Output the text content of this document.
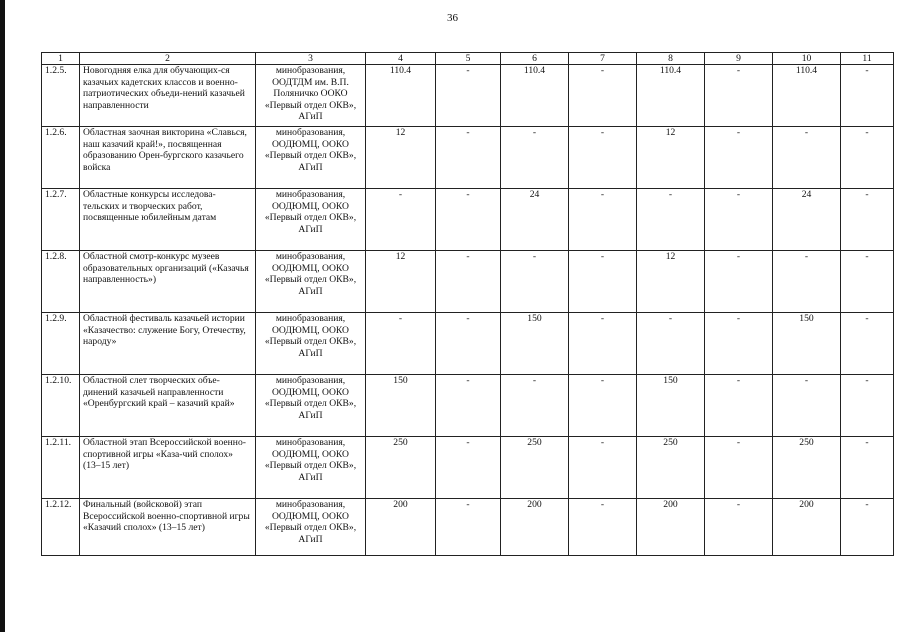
36
1	2	3	4	5	6	7	8	9	10	11
1.2.5.	Новогодняя елка для обучающих-ся казачьих кадетских классов и военно-патриотических объеди-нений казачьей направленности	минобразования, ООДТДМ им. В.П. Поляничко ООКО «Первый отдел ОКВ», АГиП	110.4	-	110.4	-	110.4	-	110.4	-
1.2.6.	Областная заочная викторина «Славься, наш казачий край!», посвященная образованию Орен-бургского казачьего войска	минобразования, ООДЮМЦ, ООКО «Первый отдел ОКВ», АГиП	12	-	-	-	12	-	-	-
1.2.7.	Областные конкурсы исследова-тельских и творческих работ, посвященные юбилейным датам	минобразования, ООДЮМЦ, ООКО «Первый отдел ОКВ», АГиП	-	-	24	-	-	-	24	-
1.2.8.	Областной смотр-конкурс музеев образовательных организаций («Казачья направленность»)	минобразования, ООДЮМЦ, ООКО «Первый отдел ОКВ», АГиП	12	-	-	-	12	-	-	-
1.2.9.	Областной фестиваль казачьей истории «Казачество: служение Богу, Отечеству, народу»	минобразования, ООДЮМЦ, ООКО «Первый отдел ОКВ», АГиП	-	-	150	-	-	-	150	-
1.2.10.	Областной слет творческих объе-динений казачьей направленности «Оренбургский край – казачий край»	минобразования, ООДЮМЦ, ООКО «Первый отдел ОКВ», АГиП	150	-	-	-	150	-	-	-
1.2.11.	Областной этап Всероссийской военно-спортивной игры «Каза-чий сполох» (13–15 лет)	минобразования, ООДЮМЦ, ООКО «Первый отдел ОКВ», АГиП	250	-	250	-	250	-	250	-
1.2.12.	Финальный (войсковой) этап Всероссийской военно-спортивной игры «Казачий сполох» (13–15 лет)	минобразования, ООДЮМЦ, ООКО «Первый отдел ОКВ», АГиП	200	-	200	-	200	-	200	-
